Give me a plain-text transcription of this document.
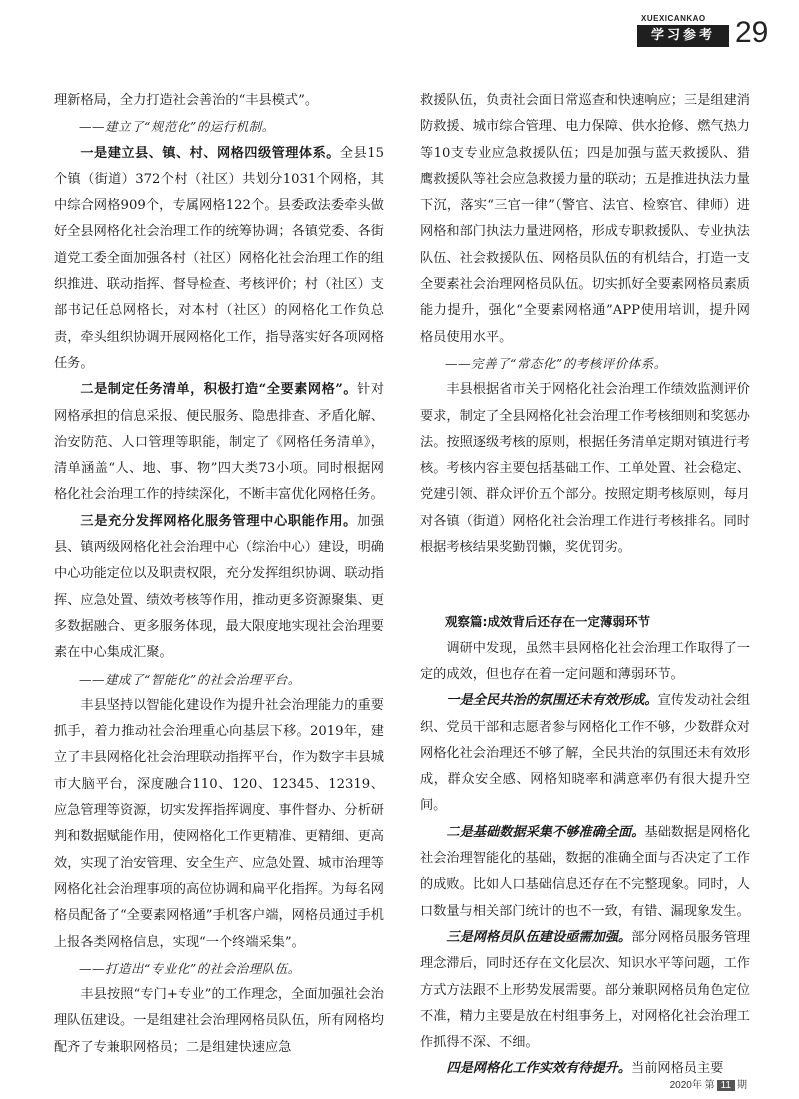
XUEXICANKAO
学习参考 29

理新格局，全力打造社会善治的“丰县模式”。

——建立了“规范化”的运行机制。

一是建立县、镇、村、网格四级管理体系。全县15个镇（街道）372个村（社区）共划分1031个网格，其中综合网格909个，专属网格122个。县委政法委牵头做好全县网格化社会治理工作的统筹协调；各镇党委、各街道党工委全面加强各村（社区）网格化社会治理工作的组织推进、联动指挥、督导检查、考核评价；村（社区）支部书记任总网格长，对本村（社区）的网格化工作负总责，牵头组织协调开展网格化工作，指导落实好各项网格任务。

二是制定任务清单，积极打造“全要素网格”。针对网格承担的信息采报、便民服务、隐患排查、矛盾化解、治安防范、人口管理等职能，制定了《网格任务清单》，清单涵盖“人、地、事、物”四大类73小项。同时根据网格化社会治理工作的持续深化，不断丰富优化网格任务。

三是充分发挥网格化服务管理中心职能作用。加强县、镇两级网格化社会治理中心（综治中心）建设，明确中心功能定位以及职责权限，充分发挥组织协调、联动指挥、应急处置、绩效考核等作用，推动更多资源聚集、更多数据融合、更多服务体现，最大限度地实现社会治理要素在中心集成汇聚。

——建成了“智能化”的社会治理平台。

丰县坚持以智能化建设作为提升社会治理能力的重要抓手，着力推动社会治理重心向基层下移。2019年，建立了丰县网格化社会治理联动指挥平台，作为数字丰县城市大脑平台，深度融合110、120、12345、12319、应急管理等资源，切实发挥指挥调度、事件督办、分析研判和数据赋能作用，使网格化工作更精准、更精细、更高效，实现了治安管理、安全生产、应急处置、城市治理等网格化社会治理事项的高位协调和扁平化指挥。为每名网格员配备了“全要素网格通”手机客户端，网格员通过手机上报各类网格信息，实现“一个终端采集”。

——打造出“专业化”的社会治理队伍。

丰县按照“专门+专业”的工作理念，全面加强社会治理队伍建设。一是组建社会治理网格员队伍，所有网格均配齐了专兼职网格员；二是组建快速应急

救援队伍，负责社会面日常巡查和快速响应；三是组建消防救援、城市综合管理、电力保障、供水抢修、燃气热力等10支专业应急救援队伍；四是加强与蓝天救援队、猎鹰救援队等社会应急救援力量的联动；五是推进执法力量下沉，落实“三官一律”（警官、法官、检察官、律师）进网格和部门执法力量进网格，形成专职救援队、专业执法队伍、社会救援队伍、网格员队伍的有机结合，打造一支全要素社会治理网格员队伍。切实抓好全要素网格员素质能力提升，强化“全要素网格通”APP使用培训，提升网格员使用水平。

——完善了“常态化”的考核评价体系。

丰县根据省市关于网格化社会治理工作绩效监测评价要求，制定了全县网格化社会治理工作考核细则和奖惩办法。按照逐级考核的原则，根据任务清单定期对镇进行考核。考核内容主要包括基础工作、工单处置、社会稳定、党建引领、群众评价五个部分。按照定期考核原则，每月对各镇（街道）网格化社会治理工作进行考核排名。同时根据考核结果奖勤罚懒，奖优罚劣。

观察篇:成效背后还存在一定薄弱环节

调研中发现，虽然丰县网格化社会治理工作取得了一定的成效，但也存在着一定问题和薄弱环节。

一是全民共治的氛围还未有效形成。宣传发动社会组织、党员干部和志愿者参与网格化工作不够，少数群众对网格化社会治理还不够了解，全民共治的氛围还未有效形成，群众安全感、网格知晓率和满意率仍有很大提升空间。

二是基础数据采集不够准确全面。基础数据是网格化社会治理智能化的基础，数据的准确全面与否决定了工作的成败。比如人口基础信息还存在不完整现象。同时，人口数量与相关部门统计的也不一致，有错、漏现象发生。

三是网格员队伍建设亟需加强。部分网格员服务管理理念滞后，同时还存在文化层次、知识水平等问题，工作方式方法跟不上形势发展需要。部分兼职网格员角色定位不准，精力主要是放在村组事务上，对网格化社会治理工作抓得不深、不细。

四是网格化工作实效有待提升。当前网格员主要

2020年 第 11 期
